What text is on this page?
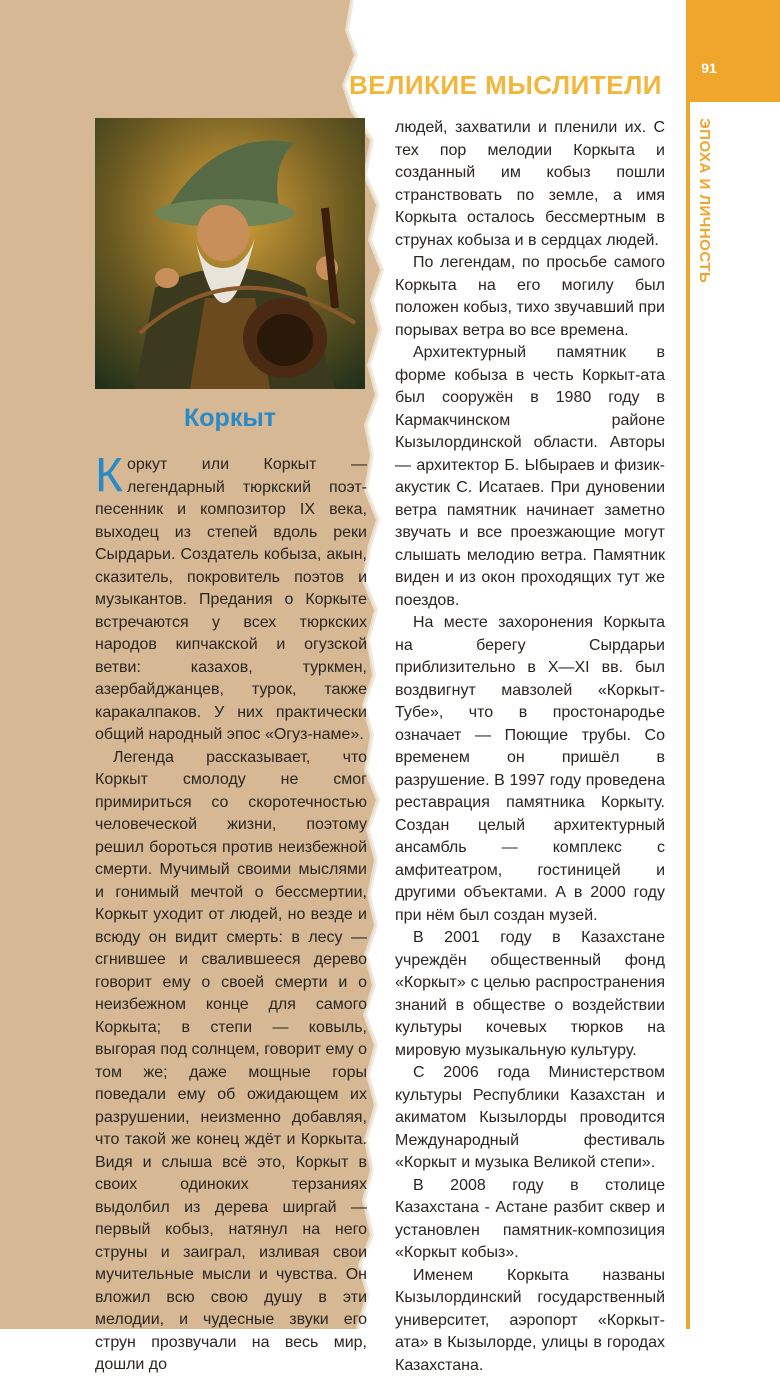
ВЕЛИКИЕ МЫСЛИТЕЛИ
91
ЭПОХА И ЛИЧНОСТЬ
Коркыт

Коркут или Коркыт — легендарный тюркский поэт-песенник и композитор IX века, выходец из степей вдоль реки Сырдарьи. Создатель кобыза, акын, сказитель, покровитель поэтов и музыкантов. Предания о Коркыте встречаются у всех тюркских народов кипчакской и огузской ветви: казахов, туркмен, азербайджанцев, турок, также каракалпаков. У них практически общий народный эпос «Огуз-наме».

Легенда рассказывает, что Коркыт смолоду не смог примириться со скоротечностью человеческой жизни, поэтому решил бороться против неизбежной смерти. Мучимый своими мыслями и гонимый мечтой о бессмертии, Коркыт уходит от людей, но везде и всюду он видит смерть: в лесу — сгнившее и свалившееся дерево говорит ему о своей смерти и о неизбежном конце для самого Коркыта; в степи — ковыль, выгорая под солнцем, говорит ему о том же; даже мощные горы поведали ему об ожидающем их разрушении, неизменно добавляя, что такой же конец ждёт и Коркыта. Видя и слыша всё это, Коркыт в своих одиноких терзаниях выдолбил из дерева ширгай — первый кобыз, натянул на него струны и заиграл, изливая свои мучительные мысли и чувства. Он вложил всю свою душу в эти мелодии, и чудесные звуки его струн прозвучали на весь мир, дошли до

людей, захватили и пленили их. С тех пор мелодии Коркыта и созданный им кобыз пошли странствовать по земле, а имя Коркыта осталось бессмертным в струнах кобыза и в сердцах людей.

По легендам, по просьбе самого Коркыта на его могилу был положен кобыз, тихо звучавший при порывах ветра во все времена.

Архитектурный памятник в форме кобыза в честь Коркыт-ата был сооружён в 1980 году в Кармакчинском районе Кызылординской области. Авторы — архитектор Б. Ыбыраев и физик-акустик С. Исатаев. При дуновении ветра памятник начинает заметно звучать и все проезжающие могут слышать мелодию ветра. Памятник виден и из окон проходящих тут же поездов.

На месте захоронения Коркыта на берегу Сырдарьи приблизительно в X—XI вв. был воздвигнут мавзолей «Коркыт-Тубе», что в простонародье означает — Поющие трубы. Со временем он пришёл в разрушение. В 1997 году проведена реставрация памятника Коркыту. Создан целый архитектурный ансамбль — комплекс с амфитеатром, гостиницей и другими объектами. А в 2000 году при нём был создан музей.

В 2001 году в Казахстане учреждён общественный фонд «Коркыт» с целью распространения знаний в обществе о воздействии культуры кочевых тюрков на мировую музыкальную культуру.

С 2006 года Министерством культуры Республики Казахстан и акиматом Кызылорды проводится Международный фестиваль «Коркыт и музыка Великой степи».

В 2008 году в столице Казахстана - Астане разбит сквер и установлен памятник-композиция «Коркыт кобыз».

Именем Коркыта названы Кызылординский государственный университет, аэропорт «Коркыт-ата» в Кызылорде, улицы в городах Казахстана.
